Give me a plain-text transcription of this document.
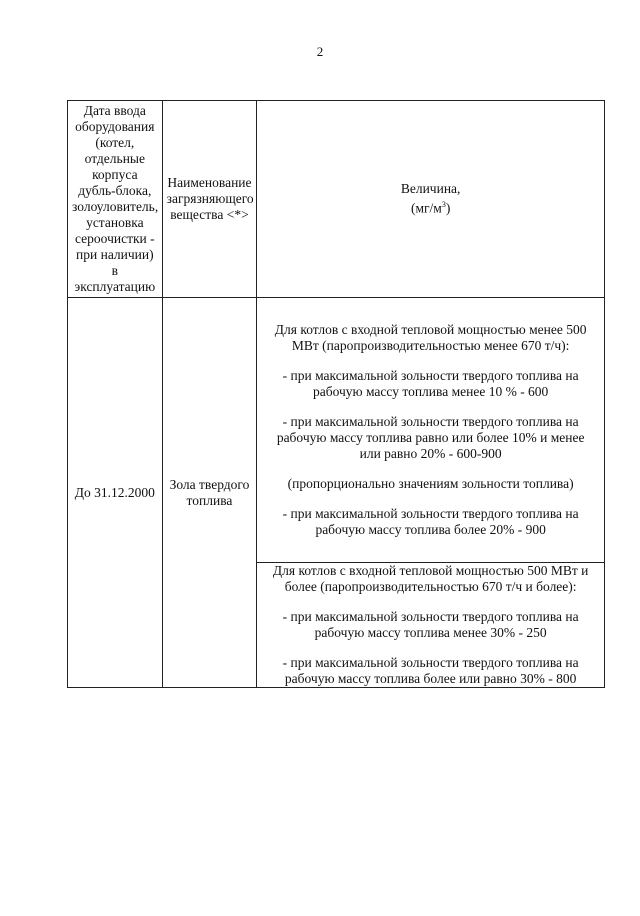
2
Дата ввода оборудования (котел, отдельные корпуса дубль-блока, золоуловитель, установка сероочистки - при наличии) в эксплуатацию	Наименование загрязняющего вещества <*>	Величина,
$(мг/м^3)$

До 31.12.2000	Зола твердого топлива	Для котлов с входной тепловой мощностью менее 500 МВт (паропроизводительностью менее 670 т/ч):

- при максимальной зольности твердого топлива на рабочую массу топлива менее 10 % - 600

- при максимальной зольности твердого топлива на рабочую массу топлива равно или более 10% и менее или равно 20% - 600-900

(пропорционально значениям зольности топлива)

- при максимальной зольности твердого топлива на рабочую массу топлива более 20% - 900

		Для котлов с входной тепловой мощностью 500 МВт и более (паропроизводительностью 670 т/ч и более):

- при максимальной зольности твердого топлива на рабочую массу топлива менее 30% - 250

- при максимальной зольности твердого топлива на рабочую массу топлива более или равно 30% - 800
